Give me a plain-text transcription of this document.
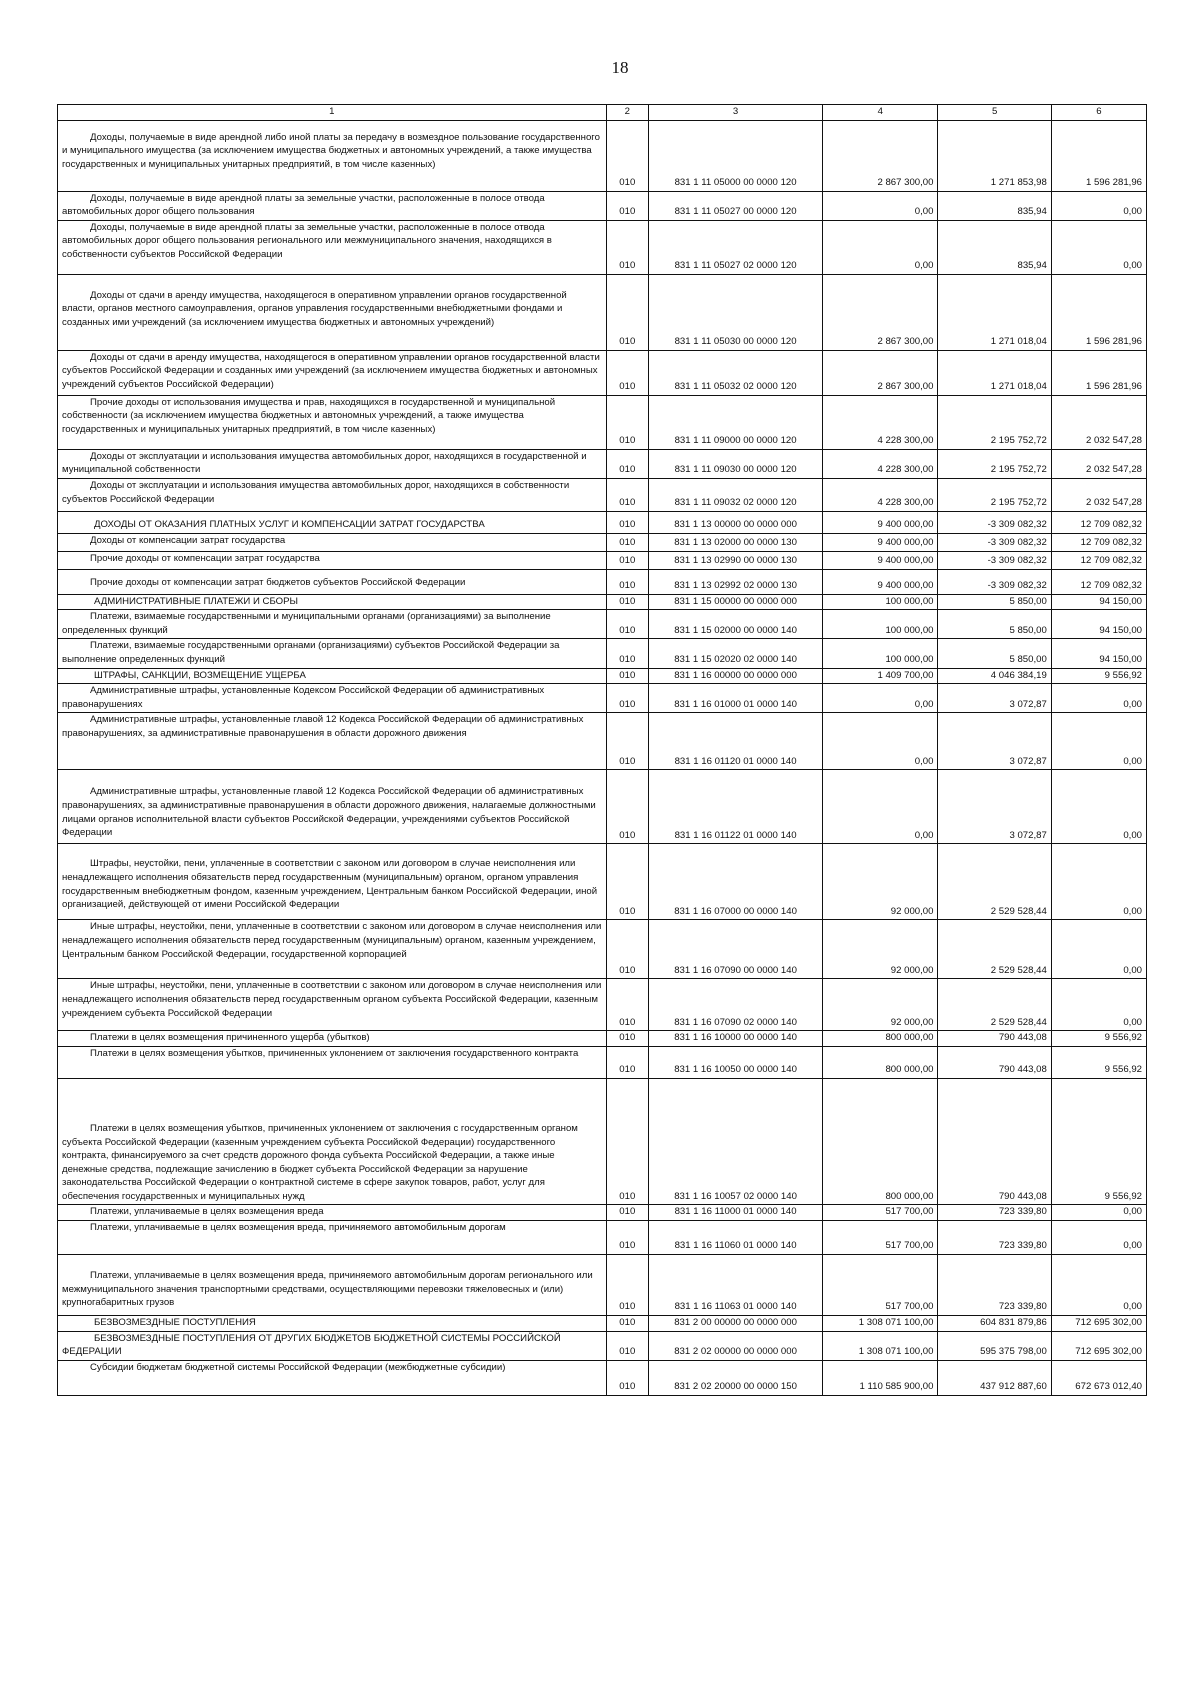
18
1	2	3	4	5	6

Доходы, получаемые в виде арендной либо иной платы за передачу в возмездное пользование государственного и муниципального имущества (за исключением имущества бюджетных и автономных учреждений, а также имущества государственных и муниципальных унитарных предприятий, в том числе казенных)	010	831 1 11 05000 00 0000 120	2 867 300,00	1 271 853,98	1 596 281,96

Доходы, получаемые в виде арендной платы за земельные участки, расположенные в полосе отвода автомобильных дорог общего пользования	010	831 1 11 05027 00 0000 120	0,00	835,94	0,00

Доходы, получаемые в виде арендной платы за земельные участки, расположенные в полосе отвода автомобильных дорог общего пользования регионального или межмуниципального значения, находящихся в собственности субъектов Российской Федерации	010	831 1 11 05027 02 0000 120	0,00	835,94	0,00

Доходы от сдачи в аренду имущества, находящегося в оперативном управлении органов государственной власти, органов местного самоуправления, органов управления государственными внебюджетными фондами и созданных ими учреждений (за исключением имущества бюджетных и автономных учреждений)	010	831 1 11 05030 00 0000 120	2 867 300,00	1 271 018,04	1 596 281,96

Доходы от сдачи в аренду имущества, находящегося в оперативном управлении органов государственной власти субъектов Российской Федерации и созданных ими учреждений (за исключением имущества бюджетных и автономных учреждений субъектов Российской Федерации)	010	831 1 11 05032 02 0000 120	2 867 300,00	1 271 018,04	1 596 281,96

Прочие доходы от использования имущества и прав, находящихся в государственной и муниципальной собственности (за исключением имущества бюджетных и автономных учреждений, а также имущества государственных и муниципальных унитарных предприятий, в том числе казенных)	010	831 1 11 09000 00 0000 120	4 228 300,00	2 195 752,72	2 032 547,28

Доходы от эксплуатации и использования имущества автомобильных дорог, находящихся в государственной и муниципальной собственности	010	831 1 11 09030 00 0000 120	4 228 300,00	2 195 752,72	2 032 547,28

Доходы от эксплуатации и использования имущества автомобильных дорог, находящихся в собственности субъектов Российской Федерации	010	831 1 11 09032 02 0000 120	4 228 300,00	2 195 752,72	2 032 547,28

ДОХОДЫ ОТ ОКАЗАНИЯ ПЛАТНЫХ УСЛУГ И КОМПЕНСАЦИИ ЗАТРАТ ГОСУДАРСТВА	010	831 1 13 00000 00 0000 000	9 400 000,00	-3 309 082,32	12 709 082,32

Доходы от компенсации затрат государства	010	831 1 13 02000 00 0000 130	9 400 000,00	-3 309 082,32	12 709 082,32

Прочие доходы от компенсации затрат государства	010	831 1 13 02990 00 0000 130	9 400 000,00	-3 309 082,32	12 709 082,32

Прочие доходы от компенсации затрат бюджетов субъектов Российской Федерации	010	831 1 13 02992 02 0000 130	9 400 000,00	-3 309 082,32	12 709 082,32

АДМИНИСТРАТИВНЫЕ ПЛАТЕЖИ И СБОРЫ	010	831 1 15 00000 00 0000 000	100 000,00	5 850,00	94 150,00

Платежи, взимаемые государственными и муниципальными органами (организациями) за выполнение определенных функций	010	831 1 15 02000 00 0000 140	100 000,00	5 850,00	94 150,00

Платежи, взимаемые государственными органами (организациями) субъектов Российской Федерации за выполнение определенных функций	010	831 1 15 02020 02 0000 140	100 000,00	5 850,00	94 150,00

ШТРАФЫ, САНКЦИИ, ВОЗМЕЩЕНИЕ УЩЕРБА	010	831 1 16 00000 00 0000 000	1 409 700,00	4 046 384,19	9 556,92

Административные штрафы, установленные Кодексом Российской Федерации об административных правонарушениях	010	831 1 16 01000 01 0000 140	0,00	3 072,87	0,00

Административные штрафы, установленные главой 12 Кодекса Российской Федерации об административных правонарушениях, за административные правонарушения в области дорожного движения	010	831 1 16 01120 01 0000 140	0,00	3 072,87	0,00

Административные штрафы, установленные главой 12 Кодекса Российской Федерации об административных правонарушениях, за административные правонарушения в области дорожного движения, налагаемые должностными лицами органов исполнительной власти субъектов Российской Федерации, учреждениями субъектов Российской Федерации	010	831 1 16 01122 01 0000 140	0,00	3 072,87	0,00

Штрафы, неустойки, пени, уплаченные в соответствии с законом или договором в случае неисполнения или ненадлежащего исполнения обязательств перед государственным (муниципальным) органом, органом управления государственным внебюджетным фондом, казенным учреждением, Центральным банком Российской Федерации, иной организацией, действующей от имени Российской Федерации	010	831 1 16 07000 00 0000 140	92 000,00	2 529 528,44	0,00

Иные штрафы, неустойки, пени, уплаченные в соответствии с законом или договором в случае неисполнения или ненадлежащего исполнения обязательств перед государственным (муниципальным) органом, казенным учреждением, Центральным банком Российской Федерации, государственной корпорацией	010	831 1 16 07090 00 0000 140	92 000,00	2 529 528,44	0,00

Иные штрафы, неустойки, пени, уплаченные в соответствии с законом или договором в случае неисполнения или ненадлежащего исполнения обязательств перед государственным органом субъекта Российской Федерации, казенным учреждением субъекта Российской Федерации	010	831 1 16 07090 02 0000 140	92 000,00	2 529 528,44	0,00

Платежи в целях возмещения причиненного ущерба (убытков)	010	831 1 16 10000 00 0000 140	800 000,00	790 443,08	9 556,92

Платежи в целях возмещения убытков, причиненных уклонением от заключения государственного контракта	010	831 1 16 10050 00 0000 140	800 000,00	790 443,08	9 556,92

Платежи в целях возмещения убытков, причиненных уклонением от заключения с государственным органом субъекта Российской Федерации (казенным учреждением субъекта Российской Федерации) государственного контракта, финансируемого за счет средств дорожного фонда субъекта Российской Федерации, а также иные денежные средства, подлежащие зачислению в бюджет субъекта Российской Федерации за нарушение законодательства Российской Федерации о контрактной системе в сфере закупок товаров, работ, услуг для обеспечения государственных и муниципальных нужд	010	831 1 16 10057 02 0000 140	800 000,00	790 443,08	9 556,92

Платежи, уплачиваемые в целях возмещения вреда	010	831 1 16 11000 01 0000 140	517 700,00	723 339,80	0,00

Платежи, уплачиваемые в целях возмещения вреда, причиняемого автомобильным дорогам	010	831 1 16 11060 01 0000 140	517 700,00	723 339,80	0,00

Платежи, уплачиваемые в целях возмещения вреда, причиняемого автомобильным дорогам регионального или межмуниципального значения транспортными средствами, осуществляющими перевозки тяжеловесных и (или) крупногабаритных грузов	010	831 1 16 11063 01 0000 140	517 700,00	723 339,80	0,00

БЕЗВОЗМЕЗДНЫЕ ПОСТУПЛЕНИЯ	010	831 2 00 00000 00 0000 000	1 308 071 100,00	604 831 879,86	712 695 302,00

БЕЗВОЗМЕЗДНЫЕ ПОСТУПЛЕНИЯ ОТ ДРУГИХ БЮДЖЕТОВ БЮДЖЕТНОЙ СИСТЕМЫ РОССИЙСКОЙ ФЕДЕРАЦИИ	010	831 2 02 00000 00 0000 000	1 308 071 100,00	595 375 798,00	712 695 302,00

Субсидии бюджетам бюджетной системы Российской Федерации (межбюджетные субсидии)	010	831 2 02 20000 00 0000 150	1 110 585 900,00	437 912 887,60	672 673 012,40
